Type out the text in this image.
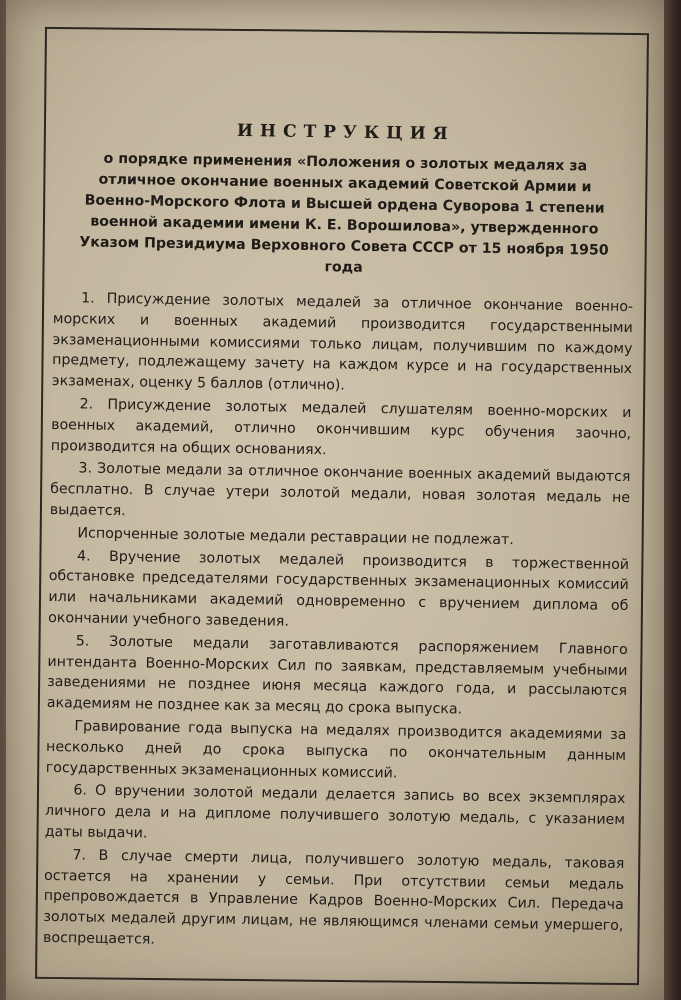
ИНСТРУКЦИЯ
о порядке применения «Положения о золотых медалях за отличное окончание военных академий Советской Армии и Военно-Морского Флота и Высшей ордена Суворова 1 степени военной академии имени К. Е. Ворошилова», утвержденного Указом Президиума Верховного Совета СССР от 15 ноября 1950 года

1. Присуждение золотых медалей за отличное окончание военно-морских и военных академий производится государственными экзаменационными комиссиями только лицам, получившим по каждому предмету, подлежащему зачету на каждом курсе и на государственных экзаменах, оценку 5 баллов (отлично).

2. Присуждение золотых медалей слушателям военно-морских и военных академий, отлично окончившим курс обучения заочно, производится на общих основаниях.

3. Золотые медали за отличное окончание военных академий выдаются бесплатно. В случае утери золотой медали, новая золотая медаль не выдается.

Испорченные золотые медали реставрации не подлежат.

4. Вручение золотых медалей производится в торжественной обстановке председателями государственных экзаменационных комиссий или начальниками академий одновременно с вручением диплома об окончании учебного заведения.

5. Золотые медали заготавливаются распоряжением Главного интенданта Военно-Морских Сил по заявкам, представляемым учебными заведениями не позднее июня месяца каждого года, и рассылаются академиям не позднее как за месяц до срока выпуска.

Гравирование года выпуска на медалях производится академиями за несколько дней до срока выпуска по окончательным данным государственных экзаменационных комиссий.

6. О вручении золотой медали делается запись во всех экземплярах личного дела и на дипломе получившего золотую медаль, с указанием даты выдачи.

7. В случае смерти лица, получившего золотую медаль, таковая остается на хранении у семьи. При отсутствии семьи медаль препровождается в Управление Кадров Военно-Морских Сил. Передача золотых медалей другим лицам, не являющимся членами семьи умершего, воспрещается.
